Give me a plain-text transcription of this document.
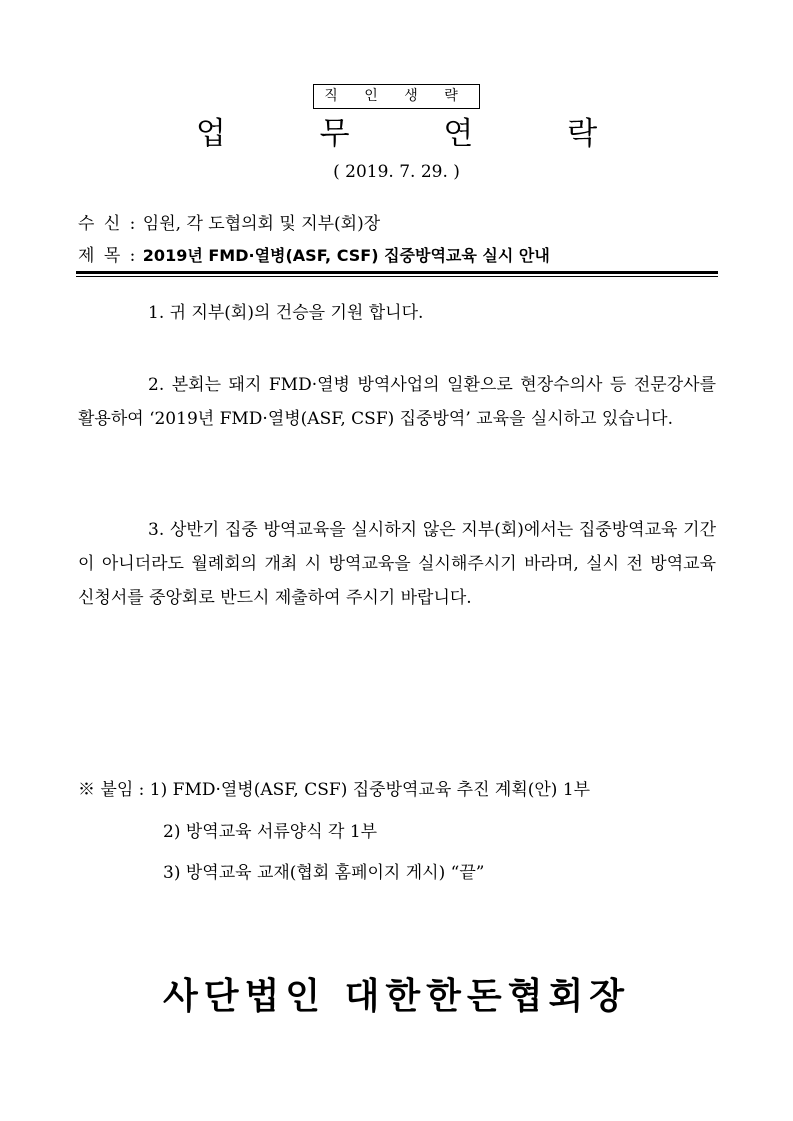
직 인 생 략
업 무 연 락
( 2019. 7. 29. )
수 신 : 임원, 각 도협의회 및 지부(회)장
제 목 : 2019년 FMD·열병(ASF, CSF) 집중방역교육 실시 안내

1. 귀 지부(회)의 건승을 기원 합니다.

2. 본회는 돼지 FMD·열병 방역사업의 일환으로 현장수의사 등 전문강사를 활용하여 ‘2019년 FMD·열병(ASF, CSF) 집중방역’ 교육을 실시하고 있습니다.

3. 상반기 집중 방역교육을 실시하지 않은 지부(회)에서는 집중방역교육 기간이 아니더라도 월례회의 개최 시 방역교육을 실시해주시기 바라며, 실시 전 방역교육 신청서를 중앙회로 반드시 제출하여 주시기 바랍니다.

※ 붙임 : 1) FMD·열병(ASF, CSF) 집중방역교육 추진 계획(안) 1부
2) 방역교육 서류양식 각 1부
3) 방역교육 교재(협회 홈페이지 게시) “끝”
사단법인 대한한돈협회장
